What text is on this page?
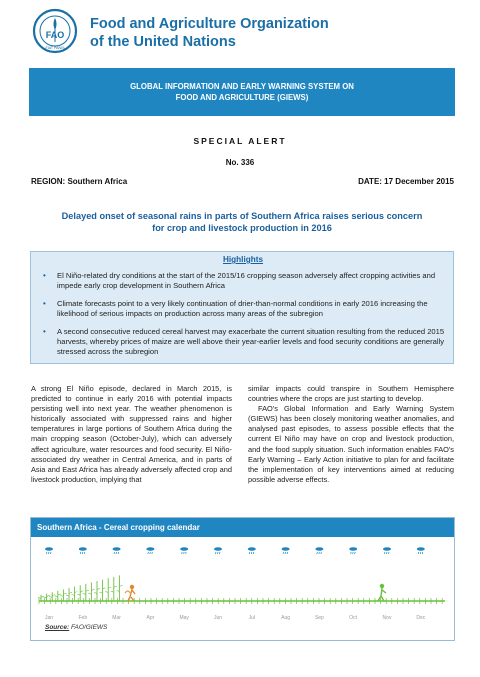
FAO
FIAT PANIS
Food and Agriculture Organization
of the United Nations
GLOBAL INFORMATION AND EARLY WARNING SYSTEM ON
FOOD AND AGRICULTURE (GIEWS)
SPECIAL ALERT
No. 336
REGION: Southern Africa	DATE: 17 December 2015
Delayed onset of seasonal rains in parts of Southern Africa raises serious concern
for crop and livestock production in 2016
Highlights
• El Niño-related dry conditions at the start of the 2015/16 cropping season adversely affect cropping activities and impede early crop development in Southern Africa
• Climate forecasts point to a very likely continuation of drier-than-normal conditions in early 2016 increasing the likelihood of serious impacts on production across many areas of the subregion
• A second consecutive reduced cereal harvest may exacerbate the current situation resulting from the reduced 2015 harvests, whereby prices of maize are well above their year-earlier levels and food security conditions are generally stressed across the subregion

A strong El Niño episode, declared in March 2015, is predicted to continue in early 2016 with potential impacts persisting well into next year. The weather phenomenon is historically associated with suppressed rains and higher temperatures in large portions of Southern Africa during the main cropping season (October-July), which can adversely affect agriculture, water resources and food security. El Niño-associated dry weather in Central America, and in parts of Asia and East Africa has already adversely affected crop and livestock production, implying that

similar impacts could transpire in Southern Hemisphere countries where the crops are just starting to develop.

FAO's Global Information and Early Warning System (GIEWS) has been closely monitoring weather anomalies, and analysed past episodes, to assess possible effects that the current El Niño may have on crop and livestock production, and the food supply situation. Such information enables FAO's Early Warning – Early Action initiative to plan for and facilitate the implementation of key interventions aimed at reducing possible adverse effects.

Southern Africa - Cereal cropping calendar
Jan	Feb	Mar	Apr	May	Jun	Jul	Aug	Sep	Oct	Nov	Dec
Source: FAO/GIEWS
